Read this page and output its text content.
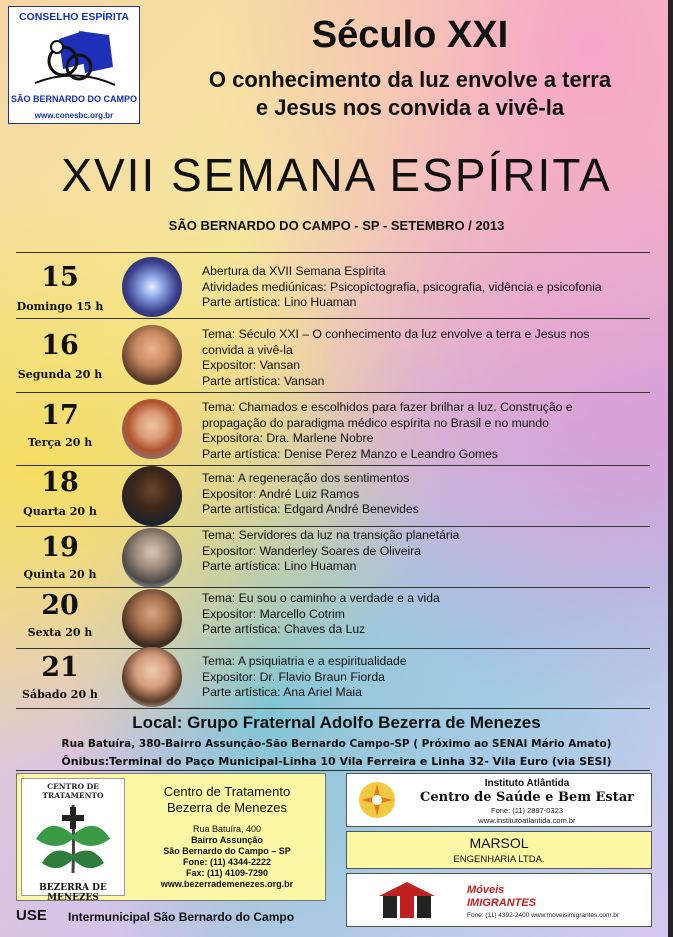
CONSELHO ESPÍRITA
SÃO BERNARDO DO CAMPO
www.conesbc.org.br
Século XXI
O conhecimento da luz envolve a terra
e Jesus nos convida a vivê-la
XVII SEMANA ESPÍRITA
SÃO BERNARDO DO CAMPO - SP - SETEMBRO / 2013
15
Domingo 15 h
Abertura da XVII Semana Espírita
Atividades mediúnicas: Psicopictografia, psicografia, vidência e psicofonia
Parte artística: Lino Huaman
16
Segunda 20 h
Tema: Século XXI – O conhecimento da luz envolve a terra e Jesus nos
convida a vivê-la
Expositor: Vansan
Parte artística: Vansan
17
Terça 20 h
Tema: Chamados e escolhidos para fazer brilhar a luz. Construção e
propagação do paradigma médico espírita no Brasil e no mundo
Expositora: Dra. Marlene Nobre
Parte artística: Denise Perez Manzo e Leandro Gomes
18
Quarta 20 h
Tema: A regeneração dos sentimentos
Expositor: André Luiz Ramos
Parte artística: Edgard André Benevides
19
Quinta 20 h
Tema: Servidores da luz na transição planetária
Expositor: Wanderley Soares de Oliveira
Parte artística: Lino Huaman
20
Sexta 20 h
Tema: Eu sou o caminho a verdade e a vida
Expositor: Marcello Cotrim
Parte artística: Chaves da Luz
21
Sábado 20 h
Tema: A psiquiatria e a espiritualidade
Expositor: Dr. Flavio Braun Fiorda
Parte artística: Ana Ariel Maia
Local: Grupo Fraternal Adolfo Bezerra de Menezes
Rua Batuíra, 380-Bairro Assunção-São Bernardo Campo-SP ( Próximo ao SENAI Mário Amato)
Ônibus:Terminal do Paço Municipal-Linha 10 Vila Ferreira e Linha 32- Vila Euro (via SESI)
CENTRO DE TRATAMENTO
BEZERRA DE MENEZES
Centro de Tratamento
Bezerra de Menezes
Rua Batuíra, 400
Bairro Assunção
São Bernardo do Campo – SP
Fone: (11) 4344-2222
Fax: (11) 4109-7290
www.bezerrademenezes.org.br
Instituto Atlântida
Centro de Saúde e Bem Estar
Fone: (11) 2897-0323
www.institutoatlantida.com.br
MARSOL
ENGENHARIA LTDA.
Móveis
IMIGRANTES
Fone: (11) 4392-2400 www.moveisimigrantes.com.br
USE Intermunicipal São Bernardo do Campo
